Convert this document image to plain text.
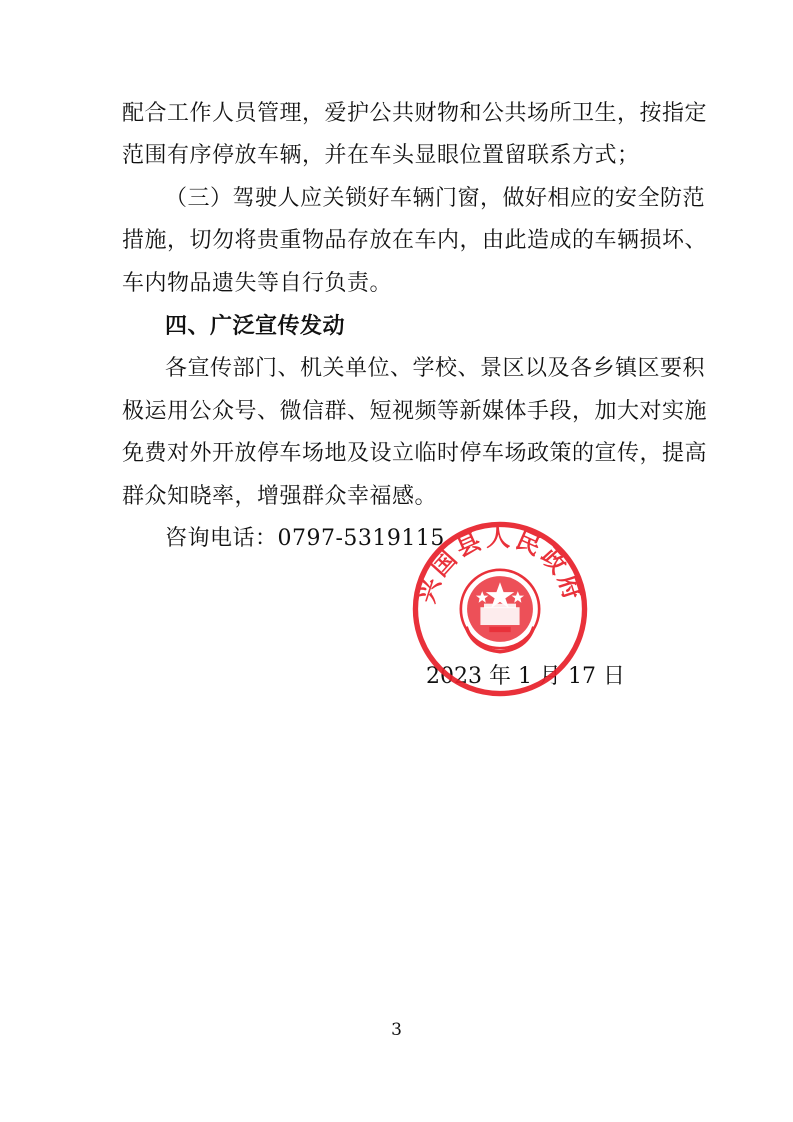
配合工作人员管理，爱护公共财物和公共场所卫生，按指定
范围有序停放车辆，并在车头显眼位置留联系方式；
（三）驾驶人应关锁好车辆门窗，做好相应的安全防范
措施，切勿将贵重物品存放在车内，由此造成的车辆损坏、
车内物品遗失等自行负责。
四、广泛宣传发动
各宣传部门、机关单位、学校、景区以及各乡镇区要积
极运用公众号、微信群、短视频等新媒体手段，加大对实施
免费对外开放停车场地及设立临时停车场政策的宣传，提高
群众知晓率，增强群众幸福感。
咨询电话：0797-5319115
2023 年 1 月 17 日
兴国县人民政府
3
